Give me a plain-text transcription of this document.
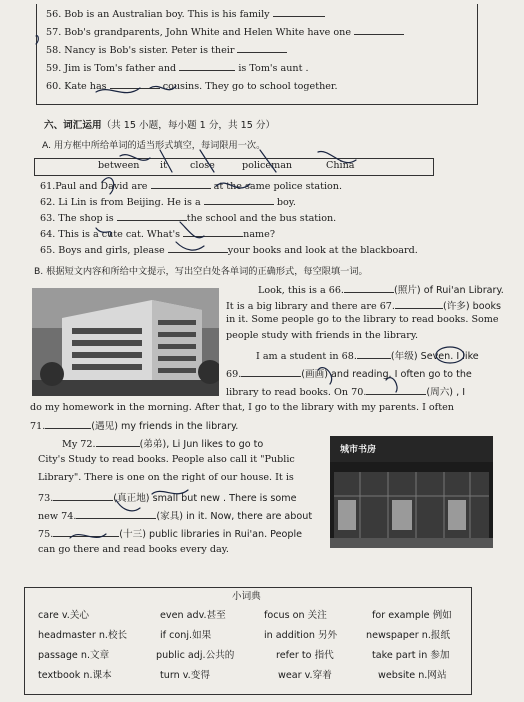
56. Bob is an Australian boy. This is his family
57. Bob's grandparents, John White and Helen White have one
58. Nancy is Bob's sister. Peter is their
59. Jim is Tom's father and	is Tom's aunt .
60. Kate has	cousins. They go to school together.
六、词汇运用（共 15 小题，每小题 1 分，共 15 分）
A. 用方框中所给单词的适当形式填空，每词限用一次。
between it close	policeman	China
61.Paul and David are	at the same police station.
62. Li Lin is from Beijing. He is a	boy.
63. The shop is	the school and the bus station.
64. This is a cute cat. What's	name?
65. Boys and girls, please	your books and look at the blackboard.
B. 根据短文内容和所给中文提示，写出空白处各单词的正确形式，每空限填一词。
Look, this is a 66.	(照片) of Rui'an Library.
It is a big library and there are 67.	(许多) books
in it. Some people go to the library to read books. Some
people study with friends in the library.
I am a student in 68.	(年级) Seven. I like
69.	(画画) and reading. I often go to the
library to read books. On 70.	(周六) , I
do my homework in the morning. After that, I go to the library with my parents. I often
71.	(遇见) my friends in the library.
My 72.	(弟弟), Li Jun likes to go to
City's Study to read books. People also call it "Public
Library". There is one on the right of our house. It is
73.	(真正地) small but new . There is some
new 74.	(家具) in it. Now, there are about
75.	(十三) public libraries in Rui'an. People
can go there and read books every day.
城市书房
小词典
care v.关心	even adv.甚至	focus on 关注	for example 例如
headmaster n.校长	if conj.如果	in addition 另外	newspaper n.报纸
passage n.文章	public adj.公共的	refer to 指代	take part in 参加
textbook n.课本	turn v.变得	wear v.穿着	website n.网站
